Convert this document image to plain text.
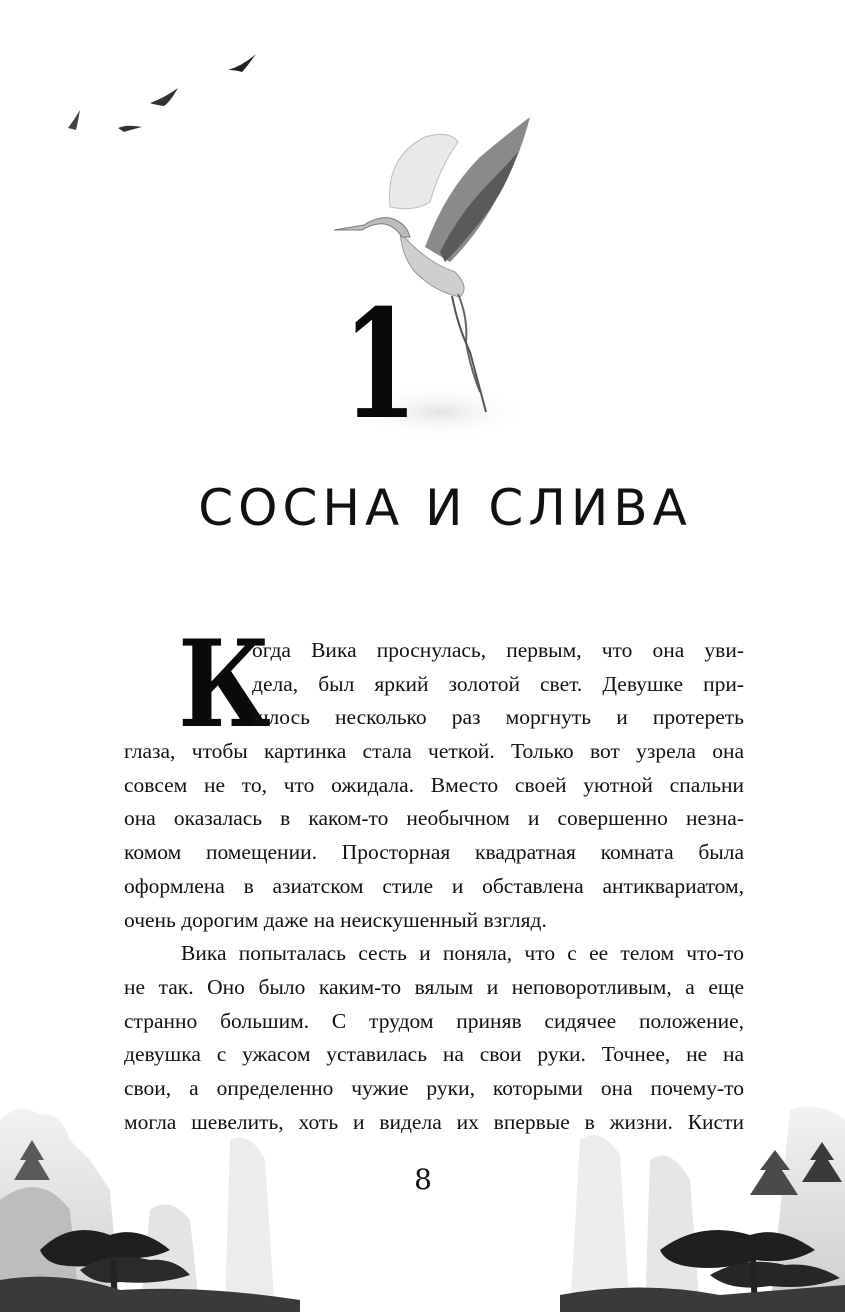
1
СОСНА И СЛИВА
К
огда Вика проснулась, первым, что она уви-
дела, был яркий золотой свет. Девушке при-
шлось несколько раз моргнуть и протереть
глаза, чтобы картинка стала четкой. Только вот узрела она
совсем не то, что ожидала. Вместо своей уютной спальни
она оказалась в каком-то необычном и совершенно незна-
комом помещении. Просторная квадратная комната была
оформлена в азиатском стиле и обставлена антиквариатом,
очень дорогим даже на неискушенный взгляд.
Вика попыталась сесть и поняла, что с ее телом что-то
не так. Оно было каким-то вялым и неповоротливым, а еще
странно большим. С трудом приняв сидячее положение,
девушка с ужасом уставилась на свои руки. Точнее, не на
свои, а определенно чужие руки, которыми она почему-то
могла шевелить, хоть и видела их впервые в жизни. Кисти
8
